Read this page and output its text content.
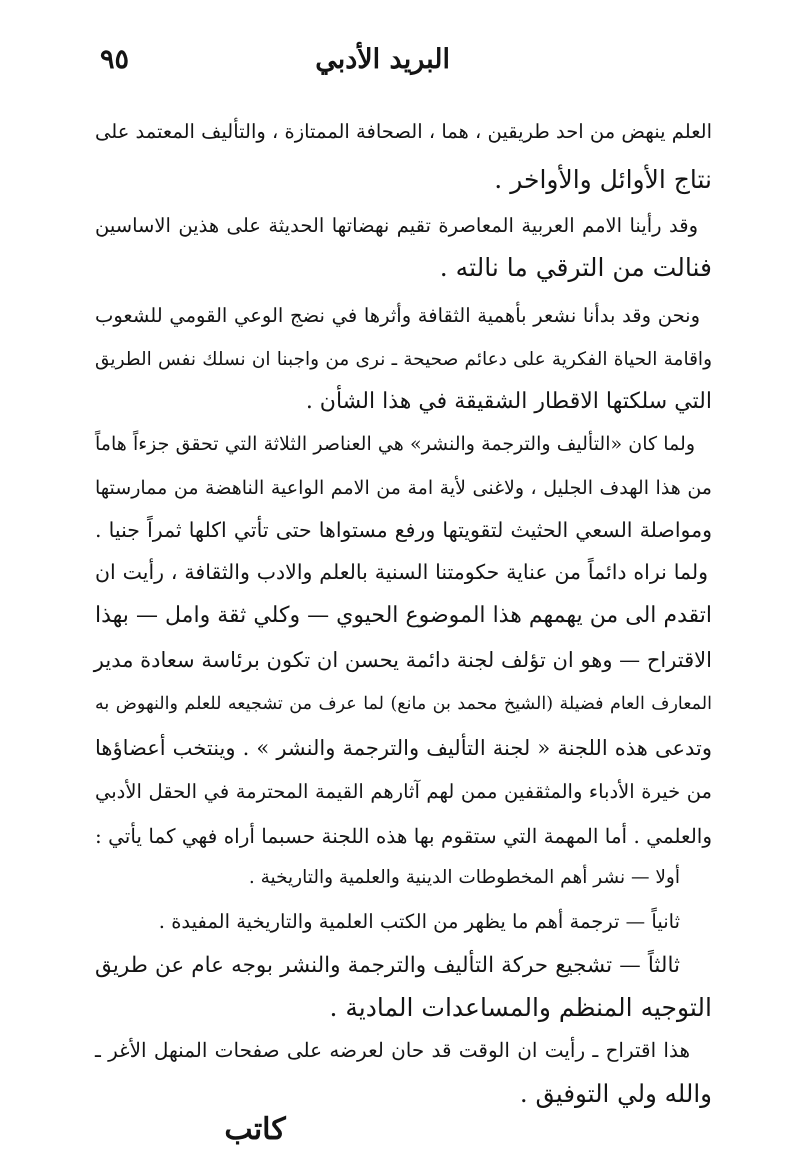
البريد الأدبي
٩٥
العلم ينهض من احد طريقين ، هما ، الصحافة الممتازة ، والتأليف المعتمد على
نتاج الأوائل والأواخر .
وقد رأينا الامم العربية المعاصرة تقيم نهضاتها الحديثة على هذين الاساسين
فنالت من الترقي ما نالته .
ونحن وقد بدأنا نشعر بأهمية الثقافة وأثرها في نضج الوعي القومي للشعوب
واقامة الحياة الفكرية على دعائم صحيحة ـ نرى من واجبنا ان نسلك نفس الطريق
التي سلكتها الاقطار الشقيقة في هذا الشأن .
ولما كان «التأليف والترجمة والنشر» هي العناصر الثلاثة التي تحقق جزءاً هاماً
من هذا الهدف الجليل ، ولاغنى لأية امة من الامم الواعية الناهضة من ممارستها
ومواصلة السعي الحثيث لتقويتها ورفع مستواها حتى تأتي اكلها ثمراً جنيا .
ولما نراه دائماً من عناية حكومتنا السنية بالعلم والادب والثقافة ، رأيت ان
اتقدم الى من يهمهم هذا الموضوع الحيوي — وكلي ثقة وامل — بهذا
الاقتراح — وهو ان تؤلف لجنة دائمة يحسن ان تكون برئاسة سعادة مدير
المعارف العام فضيلة (الشيخ محمد بن مانع) لما عرف من تشجيعه للعلم والنهوض به
وتدعى هذه اللجنة « لجنة التأليف والترجمة والنشر » . وينتخب أعضاؤها
من خيرة الأدباء والمثقفين ممن لهم آثارهم القيمة المحترمة في الحقل الأدبي
والعلمي . أما المهمة التي ستقوم بها هذه اللجنة حسبما أراه فهي كما يأتي :
أولا — نشر أهم المخطوطات الدينية والعلمية والتاريخية .
ثانياً — ترجمة أهم ما يظهر من الكتب العلمية والتاريخية المفيدة .
ثالثاً — تشجيع حركة التأليف والترجمة والنشر بوجه عام عن طريق
التوجيه المنظم والمساعدات المادية .
هذا اقتراح ـ رأيت ان الوقت قد حان لعرضه على صفحات المنهل الأغر ـ
والله ولي التوفيق .
كاتب
